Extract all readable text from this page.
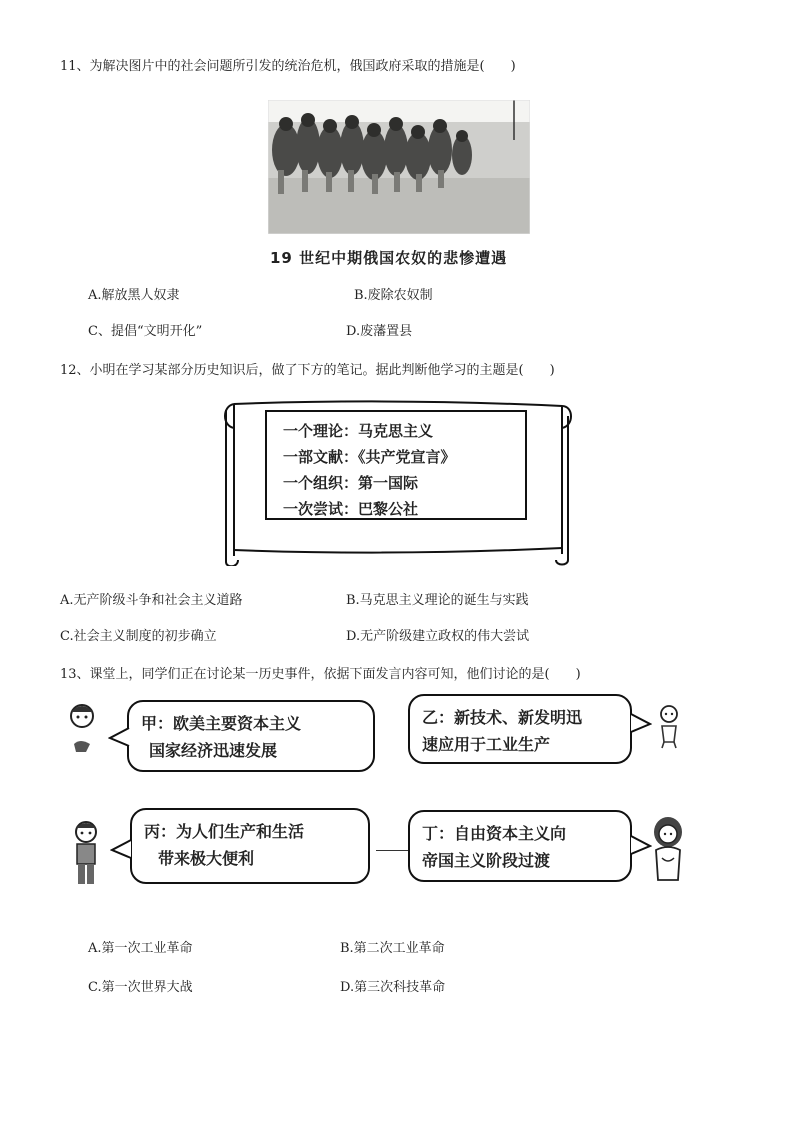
11、为解决图片中的社会问题所引发的统治危机，俄国政府采取的措施是(　　)
19 世纪中期俄国农奴的悲惨遭遇
A.解放黑人奴隶	B.废除农奴制
C、提倡“文明开化”	D.废藩置县
12、小明在学习某部分历史知识后，做了下方的笔记。据此判断他学习的主题是(　　)
一个理论：马克思主义
一部文献：《共产党宣言》
一个组织：第一国际
一次尝试：巴黎公社
A.无产阶级斗争和社会主义道路	B.马克思主义理论的诞生与实践
C.社会主义制度的初步确立	D.无产阶级建立政权的伟大尝试
13、课堂上，同学们正在讨论某一历史事件，依据下面发言内容可知，他们讨论的是(　　)
甲：欧美主要资本主义
国家经济迅速发展
乙：新技术、新发明迅
速应用于工业生产
丙：为人们生产和生活
带来极大便利
丁：自由资本主义向
帝国主义阶段过渡
A.第一次工业革命	B.第二次工业革命
C.第一次世界大战	D.第三次科技革命
